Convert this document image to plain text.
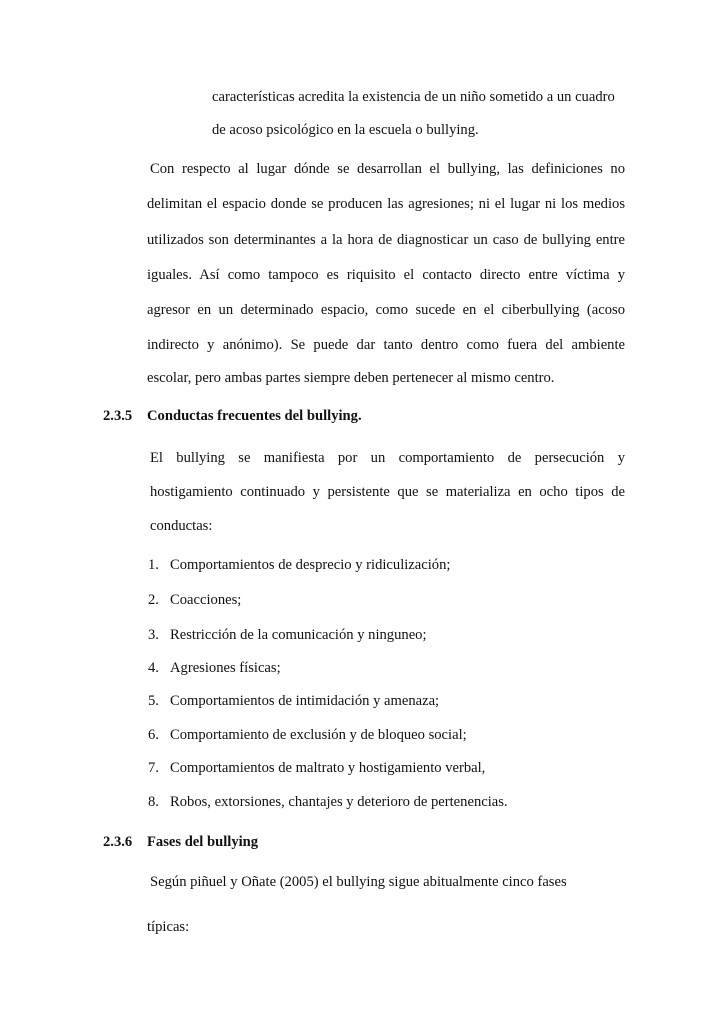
características acredita la existencia de un niño sometido a un cuadro
de acoso psicológico en la escuela o bullying.
Con respecto al lugar dónde se desarrollan el bullying, las definiciones no
delimitan el espacio donde se producen las agresiones; ni el lugar ni los medios
utilizados son determinantes a la hora de diagnosticar un caso de bullying entre
iguales. Así como tampoco es riquisito el contacto directo entre víctima y
agresor en un determinado espacio, como sucede en el ciberbullying (acoso
indirecto y anónimo). Se puede dar tanto dentro como fuera del ambiente
escolar, pero ambas partes siempre deben pertenecer al mismo centro.
2.3.5 Conductas frecuentes del bullying.
El bullying se manifiesta por un comportamiento de persecución y
hostigamiento continuado y persistente que se materializa en ocho tipos de
conductas:
1. Comportamientos de desprecio y ridiculización;
2. Coacciones;
3. Restricción de la comunicación y ninguneo;
4. Agresiones físicas;
5. Comportamientos de intimidación y amenaza;
6. Comportamiento de exclusión y de bloqueo social;
7. Comportamientos de maltrato y hostigamiento verbal,
8. Robos, extorsiones, chantajes y deterioro de pertenencias.
2.3.6 Fases del bullying
Según piñuel y Oñate (2005) el bullying sigue abitualmente cinco fases
típicas:
